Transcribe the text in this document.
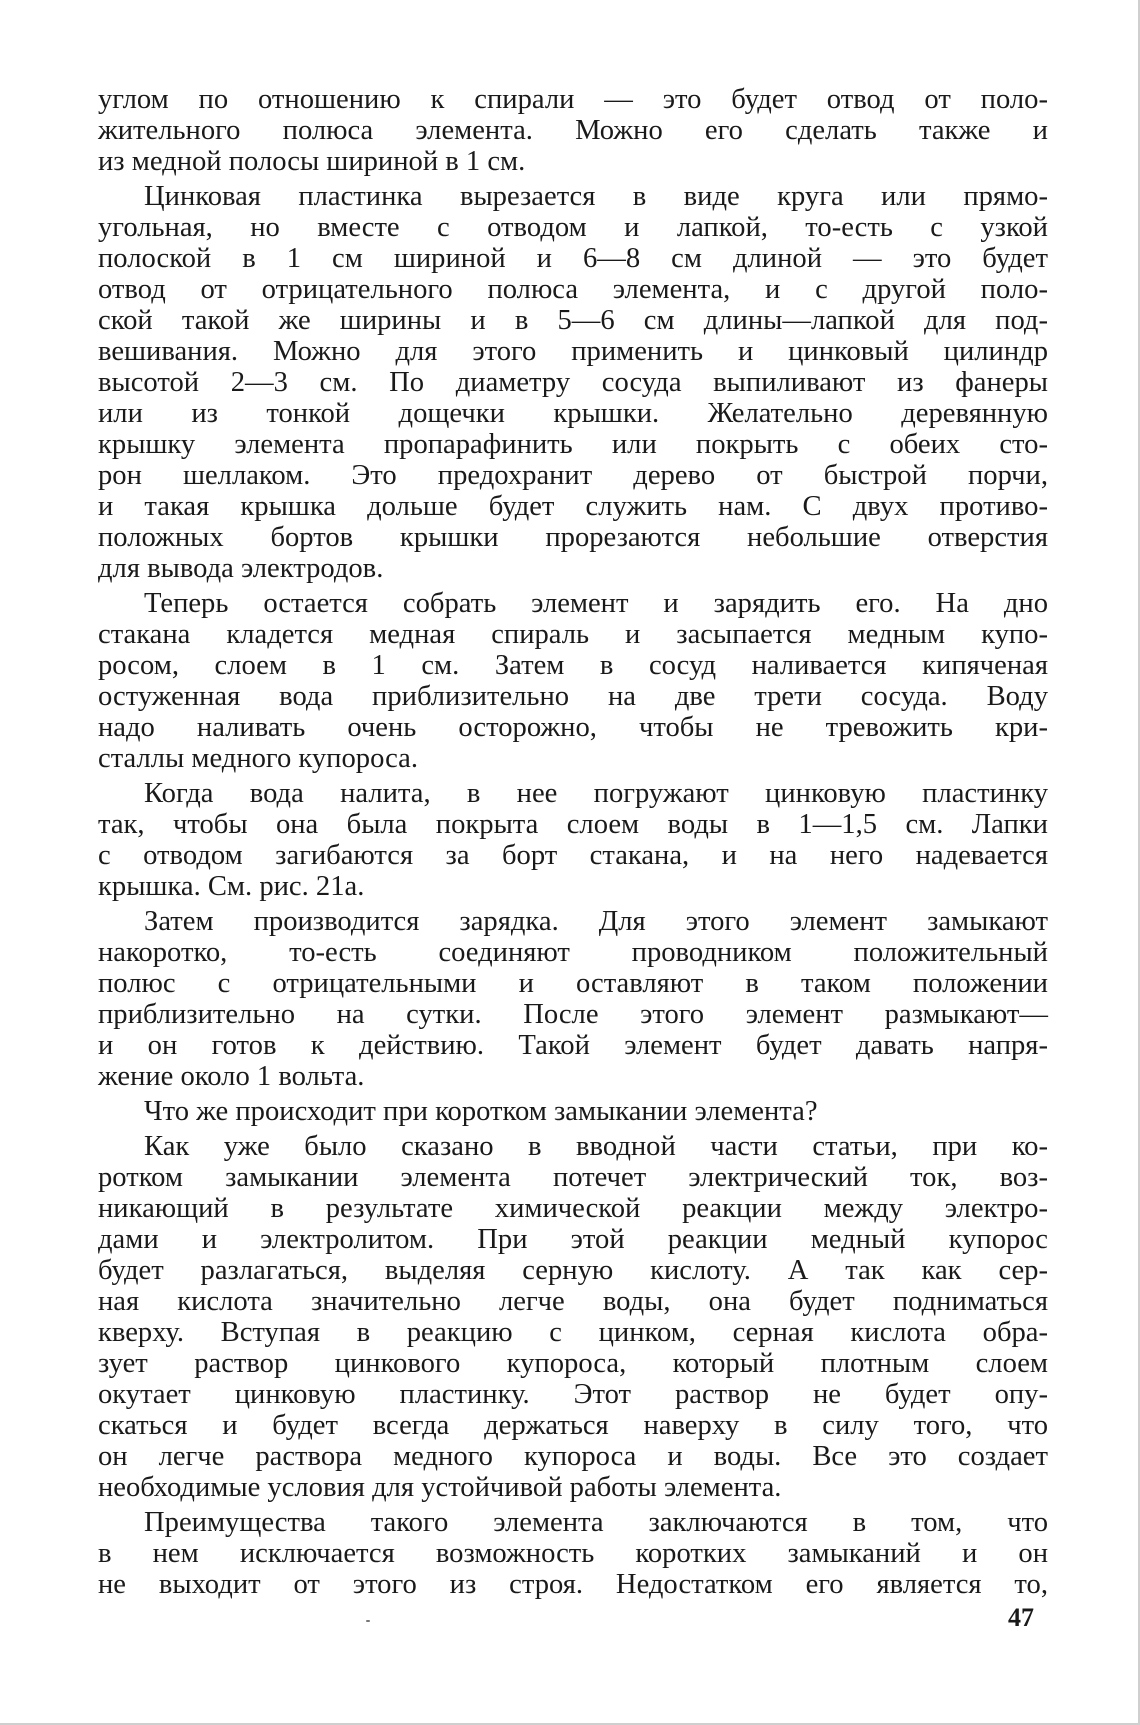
углом по отношению к спирали — это будет отвод от поло-
жительного полюса элемента. Можно его сделать также и
из медной полосы шириной в 1 см.
Цинковая пластинка вырезается в виде круга или прямо-
угольная, но вместе с отводом и лапкой, то-есть с узкой
полоской в 1 см шириной и 6—8 см длиной — это будет
отвод от отрицательного полюса элемента, и с другой поло-
ской такой же ширины и в 5—6 см длины—лапкой для под-
вешивания. Можно для этого применить и цинковый цилиндр
высотой 2—3 см. По диаметру сосуда выпиливают из фанеры
или из тонкой дощечки крышки. Желательно деревянную
крышку элемента пропарафинить или покрыть с обеих сто-
рон шеллаком. Это предохранит дерево от быстрой порчи,
и такая крышка дольше будет служить нам. С двух противо-
положных бортов крышки прорезаются небольшие отверстия
для вывода электродов.
Теперь остается собрать элемент и зарядить его. На дно
стакана кладется медная спираль и засыпается медным купо-
росом, слоем в 1 см. Затем в сосуд наливается кипяченая
остуженная вода приблизительно на две трети сосуда. Воду
надо наливать очень осторожно, чтобы не тревожить кри-
сталлы медного купороса.
Когда вода налита, в нее погружают цинковую пластинку
так, чтобы она была покрыта слоем воды в 1—1,5 см. Лапки
с отводом загибаются за борт стакана, и на него надевается
крышка. См. рис. 21а.
Затем производится зарядка. Для этого элемент замыкают
накоротко, то-есть соединяют проводником положительный
полюс с отрицательными и оставляют в таком положении
приблизительно на сутки. После этого элемент размыкают—
и он готов к действию. Такой элемент будет давать напря-
жение около 1 вольта.
Что же происходит при коротком замыкании элемента?
Как уже было сказано в вводной части статьи, при ко-
ротком замыкании элемента потечет электрический ток, воз-
никающий в результате химической реакции между электро-
дами и электролитом. При этой реакции медный купорос
будет разлагаться, выделяя серную кислоту. А так как сер-
ная кислота значительно легче воды, она будет подниматься
кверху. Вступая в реакцию с цинком, серная кислота обра-
зует раствор цинкового купороса, который плотным слоем
окутает цинковую пластинку. Этот раствор не будет опу-
скаться и будет всегда держаться наверху в силу того, что
он легче раствора медного купороса и воды. Все это создает
необходимые условия для устойчивой работы элемента.
Преимущества такого элемента заключаются в том, что
в нем исключается возможность коротких замыканий и он
не выходит от этого из строя. Недостатком его является то,
47
